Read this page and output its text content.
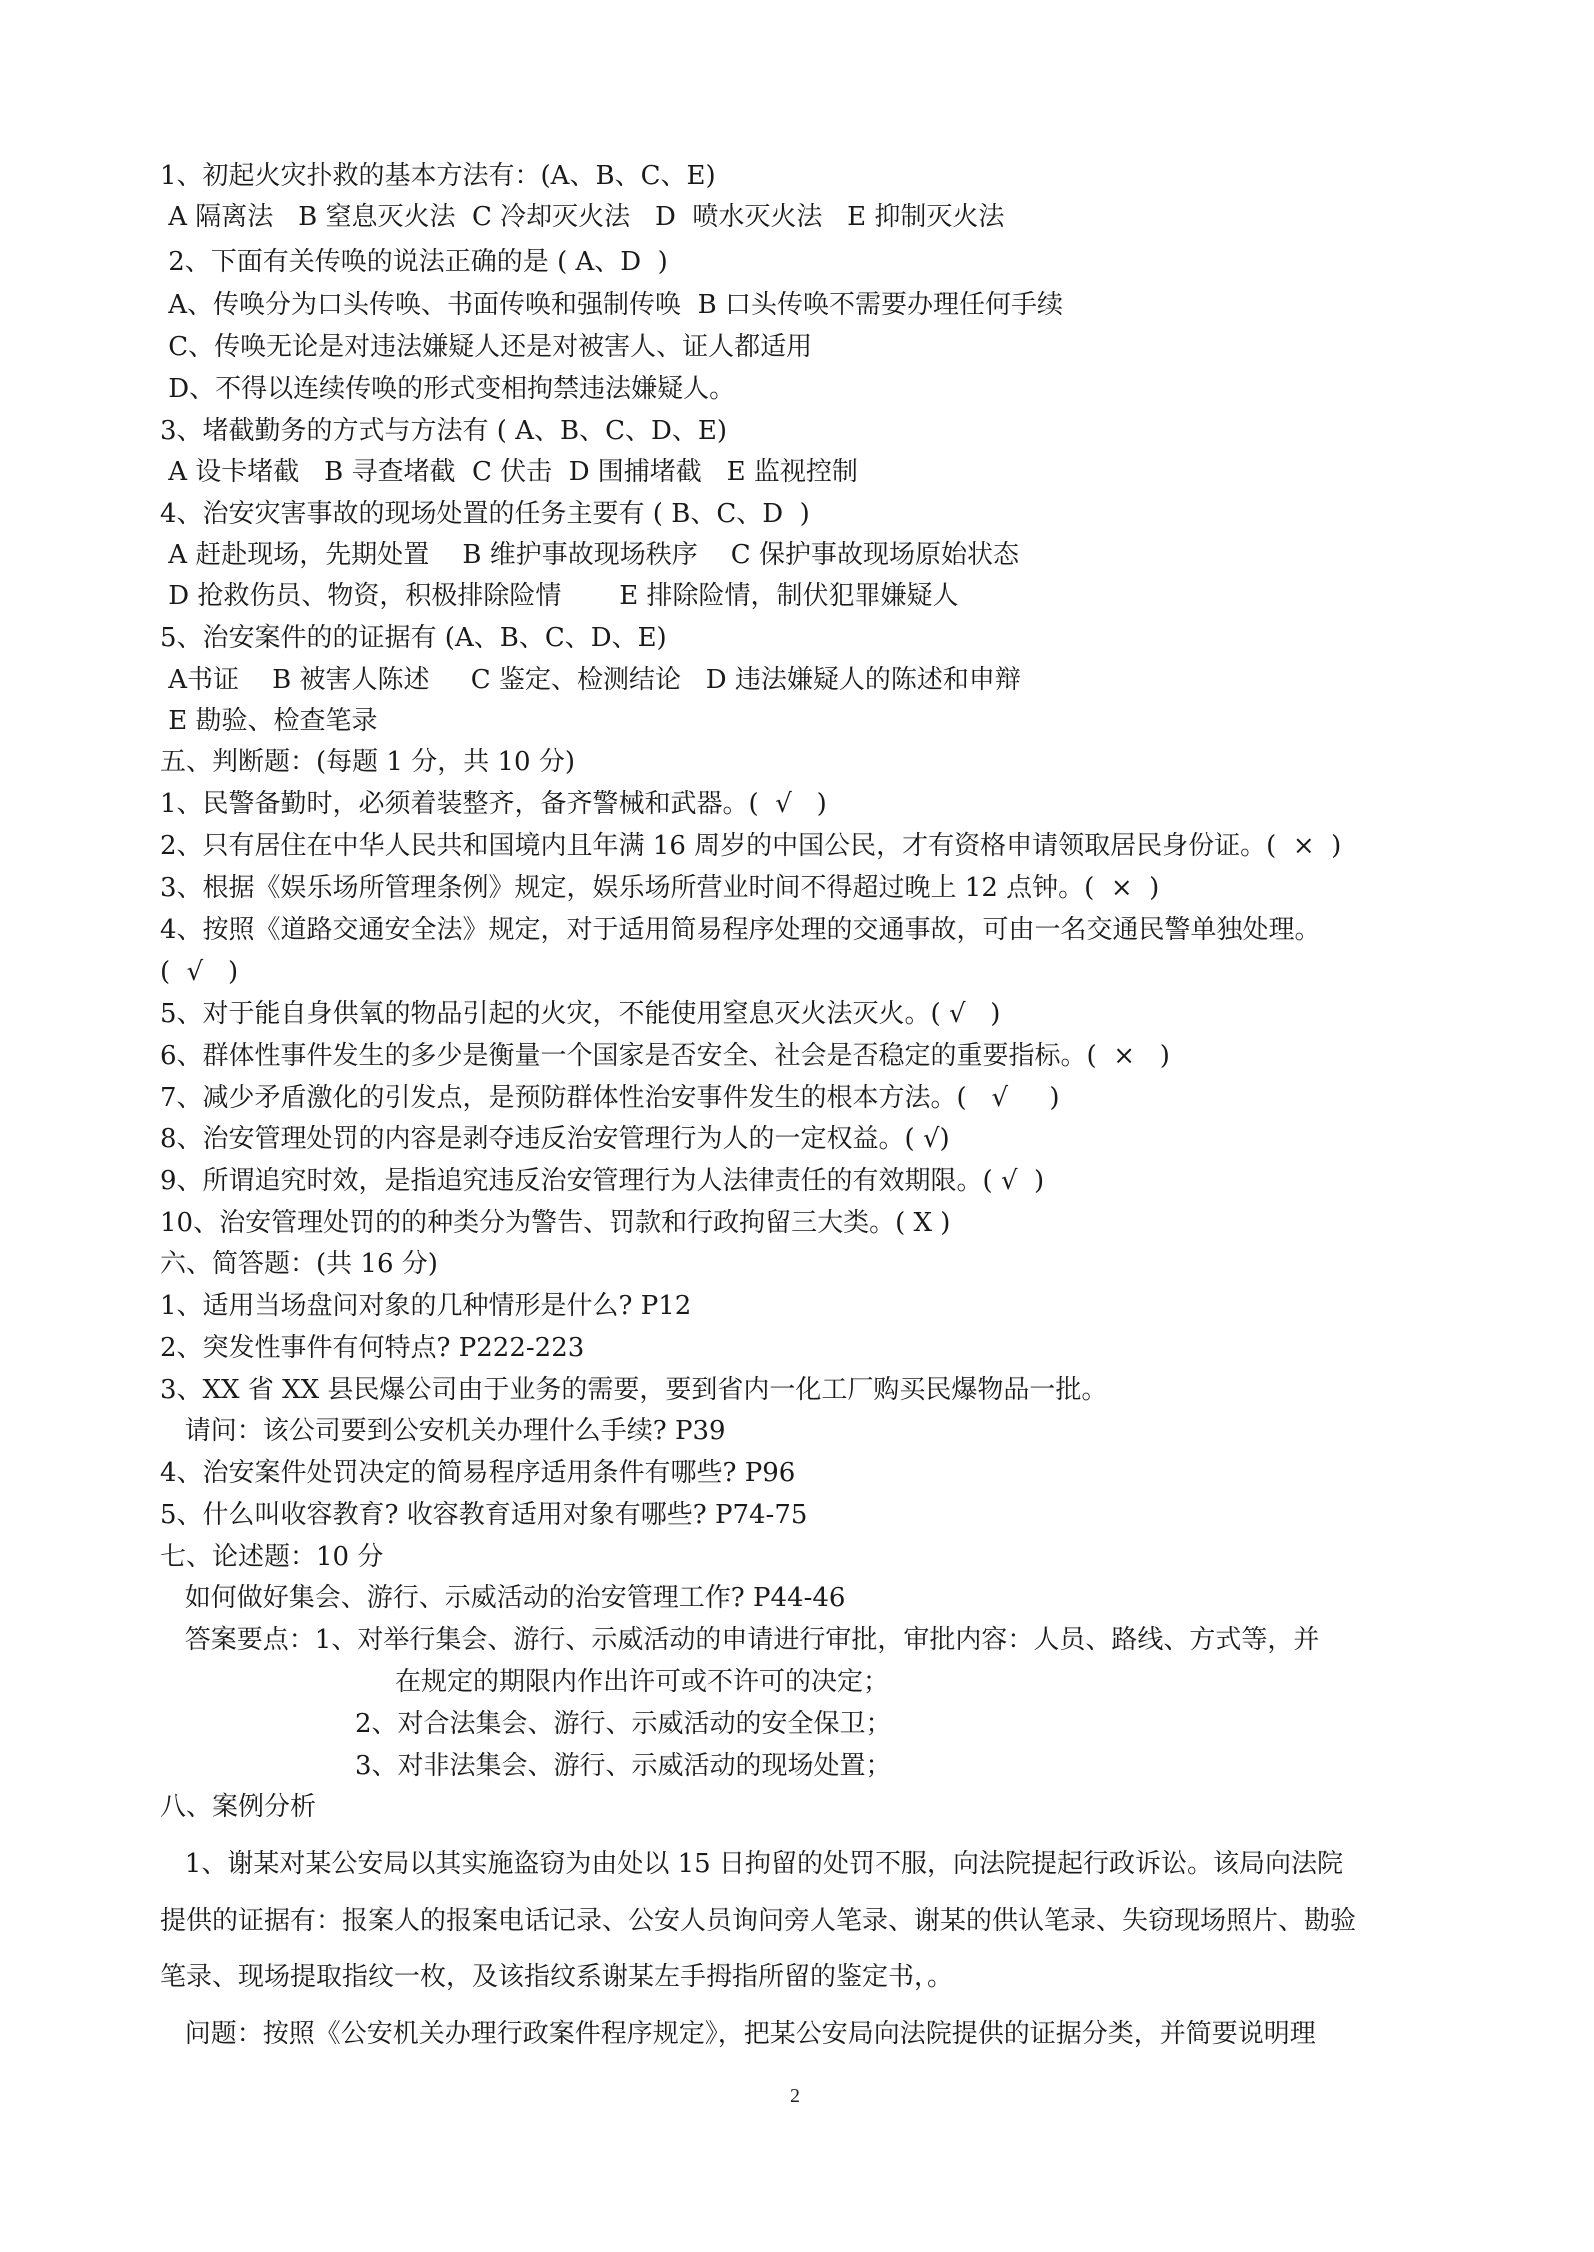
1、初起火灾扑救的基本方法有：(A、B、C、E)

A 隔离法   B 窒息灭火法  C 冷却灭火法   D  喷水灭火法   E 抑制灭火法

2、下面有关传唤的说法正确的是 ( A、D  )

A、传唤分为口头传唤、书面传唤和强制传唤  B 口头传唤不需要办理任何手续

C、传唤无论是对违法嫌疑人还是对被害人、证人都适用

D、不得以连续传唤的形式变相拘禁违法嫌疑人。

3、堵截勤务的方式与方法有 ( A、B、C、D、E)

A 设卡堵截   B 寻查堵截  C 伏击  D 围捕堵截   E 监视控制

4、治安灾害事故的现场处置的任务主要有 ( B、C、D  )

A 赶赴现场，先期处置    B 维护事故现场秩序    C 保护事故现场原始状态

D 抢救伤员、物资，积极排除险情       E 排除险情，制伏犯罪嫌疑人

5、治安案件的的证据有 (A、B、C、D、E)

A书证    B 被害人陈述     C 鉴定、检测结论   D 违法嫌疑人的陈述和申辩

E 勘验、检查笔录

五、判断题：(每题 1 分，共 10 分)

1、民警备勤时，必须着装整齐，备齐警械和武器。(  √   )

2、只有居住在中华人民共和国境内且年满 16 周岁的中国公民，才有资格申请领取居民身份证。(  ×  )

3、根据《娱乐场所管理条例》规定，娱乐场所营业时间不得超过晚上 12 点钟。(  ×  )

4、按照《道路交通安全法》规定，对于适用简易程序处理的交通事故，可由一名交通民警单独处理。

(  √   )

5、对于能自身供氧的物品引起的火灾，不能使用窒息灭火法灭火。( √   )

6、群体性事件发生的多少是衡量一个国家是否安全、社会是否稳定的重要指标。(  ×   )

7、减少矛盾激化的引发点，是预防群体性治安事件发生的根本方法。(   √     )

8、治安管理处罚的内容是剥夺违反治安管理行为人的一定权益。( √)

9、所谓追究时效，是指追究违反治安管理行为人法律责任的有效期限。( √  )

10、治安管理处罚的的种类分为警告、罚款和行政拘留三大类。( X )

六、简答题：(共 16 分)

1、适用当场盘问对象的几种情形是什么? P12

2、突发性事件有何特点? P222-223

3、XX 省 XX 县民爆公司由于业务的需要，要到省内一化工厂购买民爆物品一批。

请问：该公司要到公安机关办理什么手续? P39

4、治安案件处罚决定的简易程序适用条件有哪些? P96

5、什么叫收容教育? 收容教育适用对象有哪些? P74-75

七、论述题：10 分

如何做好集会、游行、示威活动的治安管理工作? P44-46

答案要点：1、对举行集会、游行、示威活动的申请进行审批，审批内容：人员、路线、方式等，并

在规定的期限内作出许可或不许可的决定；

2、对合法集会、游行、示威活动的安全保卫；

3、对非法集会、游行、示威活动的现场处置；

八、案例分析

1、谢某对某公安局以其实施盗窃为由处以 15 日拘留的处罚不服，向法院提起行政诉讼。该局向法院

提供的证据有：报案人的报案电话记录、公安人员询问旁人笔录、谢某的供认笔录、失窃现场照片、勘验

笔录、现场提取指纹一枚，及该指纹系谢某左手拇指所留的鉴定书，。

问题：按照《公安机关办理行政案件程序规定》，把某公安局向法院提供的证据分类，并简要说明理

2
